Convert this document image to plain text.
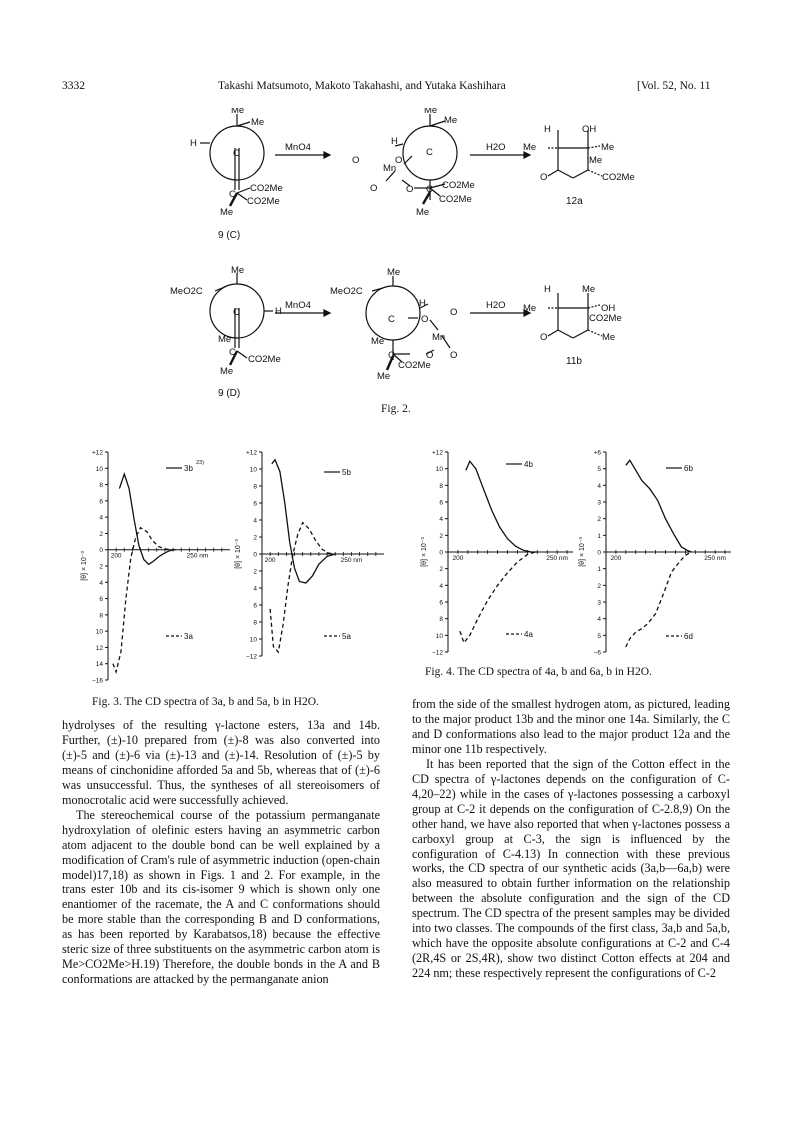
3332	Takashi Matsumoto, Makoto Takahashi, and Yutaka Kashihara	[Vol. 52, No. 11
Me
Me
H
C
C
CO2Me
CO2Me
Me
9 (C)
MnO4
Me
Me
H
O
C
Mn
O
O	O C CO2Me
CO2Me
Me
H2O
H	OH
Me	Me
Me
O	CO2Me
12a
Me
MeO2C
H
C
Me
C
CO2Me
Me
9 (D)
MnO4
Me
MeO2C
H
C	O
O
Mn
O
O
Me
C
CO2Me
Me
H2O
H	Me
Me	OH
CO2Me
Me
O
11b
Fig. 2.
+12
10
8
6
4
2
0
2
4
6
8
10
12
14
−16
200	250 nm
[θ] × 10⁻³
3b
23)
3a
+12
10
8
6
4
2
0
2
4
6
8
10
−12
200	250 nm
[θ] × 10⁻³
5b
5a
+12
10
8
6
4
2
0
2
4
6
8
10
−12
200	250 nm
[θ] × 10⁻³
4b
4a
+6
5
4
3
2
1
0
1
2
3
4
5
−6
200	250 nm
[θ] × 10⁻³
6b
6d
Fig. 4. The CD spectra of 4a, b and 6a, b in H2O.
Fig. 3. The CD spectra of 3a, b and 5a, b in H2O.

hydrolyses of the resulting γ-lactone esters, 13a and 14b. Further, (±)-10 prepared from (±)-8 was also converted into (±)-5 and (±)-6 via (±)-13 and (±)-14. Resolution of (±)-5 by means of cinchonidine afforded 5a and 5b, whereas that of (±)-6 was unsuccessful. Thus, the syntheses of all stereoisomers of monocrotalic acid were successfully achieved.

The stereochemical course of the potassium permanganate hydroxylation of olefinic esters having an asymmetric carbon atom adjacent to the double bond can be well explained by a modification of Cram's rule of asymmetric induction (open-chain model)17,18) as shown in Figs. 1 and 2. For example, in the trans ester 10b and its cis-isomer 9 which is shown only one enantiomer of the racemate, the A and C conformations should be more stable than the corresponding B and D conformations, as has been reported by Karabatsos,18) because the effective steric size of three substituents on the asymmetric carbon atom is Me>CO2Me>H.19) Therefore, the double bonds in the A and B conformations are attacked by the permanganate anion

from the side of the smallest hydrogen atom, as pictured, leading to the major product 13b and the minor one 14a. Similarly, the C and D conformations also lead to the major product 12a and the minor one 11b respectively.

It has been reported that the sign of the Cotton effect in the CD spectra of γ-lactones depends on the configuration of C-4,20–22) while in the cases of γ-lactones possessing a carboxyl group at C-2 it depends on the configuration of C-2.8,9) On the other hand, we have also reported that when γ-lactones possess a carboxyl group at C-3, the sign is influenced by the configuration of C-4.13) In connection with these previous works, the CD spectra of our synthetic acids (3a,b—6a,b) were also measured to obtain further information on the relationship between the absolute configuration and the sign of the CD spectrum. The CD spectra of the present samples may be divided into two classes. The compounds of the first class, 3a,b and 5a,b, which have the opposite absolute configurations at C-2 and C-4 (2R,4S or 2S,4R), show two distinct Cotton effects at 204 and 224 nm; these respectively represent the configurations of C-2
